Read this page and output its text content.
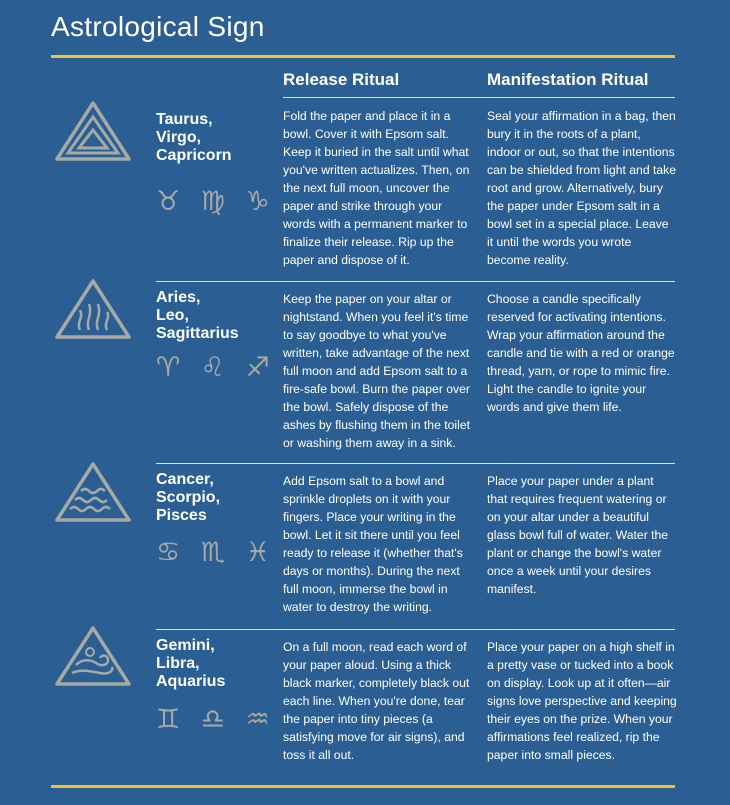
Astrological Sign
Release Ritual	Manifestation Ritual
Taurus,
Virgo,
Capricorn
♉ ♍ ♑
Fold the paper and place it in a bowl. Cover it with Epsom salt. Keep it buried in the salt until what you've written actualizes. Then, on the next full moon, uncover the paper and strike through your words with a permanent marker to finalize their release. Rip up the paper and dispose of it.
Seal your affirmation in a bag, then bury it in the roots of a plant, indoor or out, so that the intentions can be shielded from light and take root and grow. Alternatively, bury the paper under Epsom salt in a bowl set in a special place. Leave it until the words you wrote become reality.
Aries,
Leo,
Sagittarius
♈ ♌ ♐
Keep the paper on your altar or nightstand. When you feel it's time to say goodbye to what you've written, take advantage of the next full moon and add Epsom salt to a fire-safe bowl. Burn the paper over the bowl. Safely dispose of the ashes by flushing them in the toilet or washing them away in a sink.
Choose a candle specifically reserved for activating intentions. Wrap your affirmation around the candle and tie with a red or orange thread, yarn, or rope to mimic fire. Light the candle to ignite your words and give them life.
Cancer,
Scorpio,
Pisces
♋ ♏ ♓
Add Epsom salt to a bowl and sprinkle droplets on it with your fingers. Place your writing in the bowl. Let it sit there until you feel ready to release it (whether that's days or months). During the next full moon, immerse the bowl in water to destroy the writing.
Place your paper under a plant that requires frequent watering or on your altar under a beautiful glass bowl full of water. Water the plant or change the bowl's water once a week until your desires manifest.
Gemini,
Libra,
Aquarius
♊ ♎ ♒
On a full moon, read each word of your paper aloud. Using a thick black marker, completely black out each line. When you're done, tear the paper into tiny pieces (a satisfying move for air signs), and toss it all out.
Place your paper on a high shelf in a pretty vase or tucked into a book on display. Look up at it often—air signs love perspective and keeping their eyes on the prize. When your affirmations feel realized, rip the paper into small pieces.
